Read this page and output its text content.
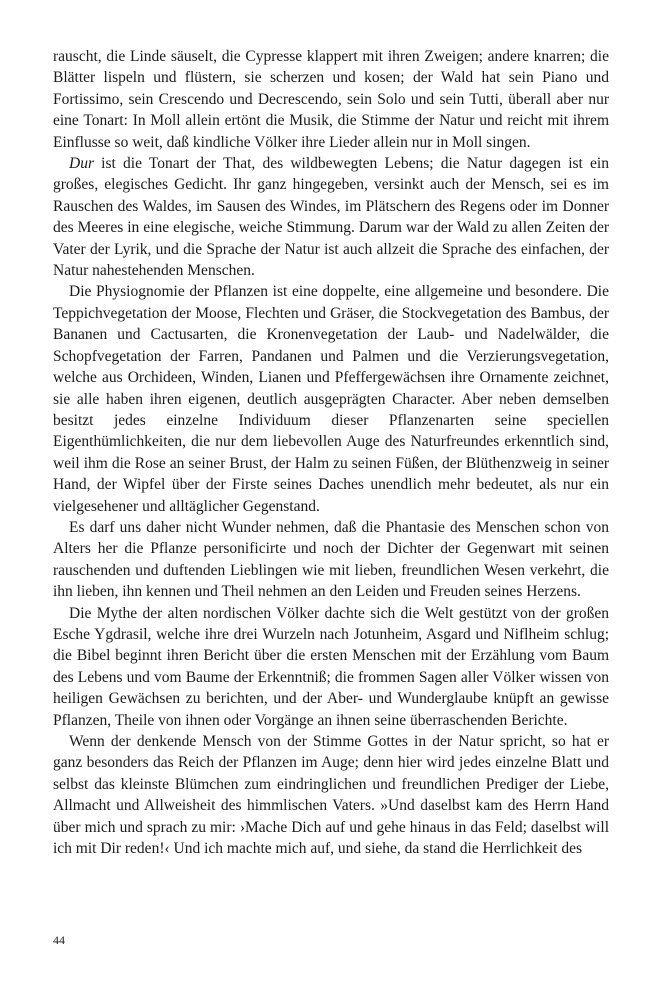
rauscht, die Linde säuselt, die Cypresse klappert mit ihren Zweigen; andere knarren; die Blätter lispeln und flüstern, sie scherzen und kosen; der Wald hat sein Piano und Fortissimo, sein Crescendo und Decrescendo, sein Solo und sein Tutti, überall aber nur eine Tonart: In Moll allein ertönt die Musik, die Stimme der Natur und reicht mit ihrem Einflusse so weit, daß kindliche Völker ihre Lieder allein nur in Moll singen.

Dur ist die Tonart der That, des wildbewegten Lebens; die Natur dagegen ist ein großes, elegisches Gedicht. Ihr ganz hingegeben, versinkt auch der Mensch, sei es im Rauschen des Waldes, im Sausen des Windes, im Plätschern des Regens oder im Donner des Meeres in eine elegische, weiche Stimmung. Darum war der Wald zu allen Zeiten der Vater der Lyrik, und die Sprache der Natur ist auch allzeit die Sprache des einfachen, der Natur nahestehenden Menschen.

Die Physiognomie der Pflanzen ist eine doppelte, eine allgemeine und besondere. Die Teppichvegetation der Moose, Flechten und Gräser, die Stockvegetation des Bambus, der Bananen und Cactusarten, die Kronenvegetation der Laub- und Nadelwälder, die Schopfvegetation der Farren, Pandanen und Palmen und die Verzierungsvegetation, welche aus Orchideen, Winden, Lianen und Pfeffergewächsen ihre Ornamente zeichnet, sie alle haben ihren eigenen, deutlich ausgeprägten Character. Aber neben demselben besitzt jedes einzelne Individuum dieser Pflanzenarten seine speciellen Eigenthümlichkeiten, die nur dem liebevollen Auge des Naturfreundes erkenntlich sind, weil ihm die Rose an seiner Brust, der Halm zu seinen Füßen, der Blüthenzweig in seiner Hand, der Wipfel über der Firste seines Daches unendlich mehr bedeutet, als nur ein vielgesehener und alltäglicher Gegenstand.

Es darf uns daher nicht Wunder nehmen, daß die Phantasie des Menschen schon von Alters her die Pflanze personificirte und noch der Dichter der Gegenwart mit seinen rauschenden und duftenden Lieblingen wie mit lieben, freundlichen Wesen verkehrt, die ihn lieben, ihn kennen und Theil nehmen an den Leiden und Freuden seines Herzens.

Die Mythe der alten nordischen Völker dachte sich die Welt gestützt von der großen Esche Ygdrasil, welche ihre drei Wurzeln nach Jotunheim, Asgard und Niflheim schlug; die Bibel beginnt ihren Bericht über die ersten Menschen mit der Erzählung vom Baum des Lebens und vom Baume der Erkenntniß; die frommen Sagen aller Völker wissen von heiligen Gewächsen zu berichten, und der Aber- und Wunderglaube knüpft an gewisse Pflanzen, Theile von ihnen oder Vorgänge an ihnen seine überraschenden Berichte.

Wenn der denkende Mensch von der Stimme Gottes in der Natur spricht, so hat er ganz besonders das Reich der Pflanzen im Auge; denn hier wird jedes einzelne Blatt und selbst das kleinste Blümchen zum eindringlichen und freundlichen Prediger der Liebe, Allmacht und Allweisheit des himmlischen Vaters. »Und daselbst kam des Herrn Hand über mich und sprach zu mir: ›Mache Dich auf und gehe hinaus in das Feld; daselbst will ich mit Dir reden!‹ Und ich machte mich auf, und siehe, da stand die Herrlichkeit des

44
